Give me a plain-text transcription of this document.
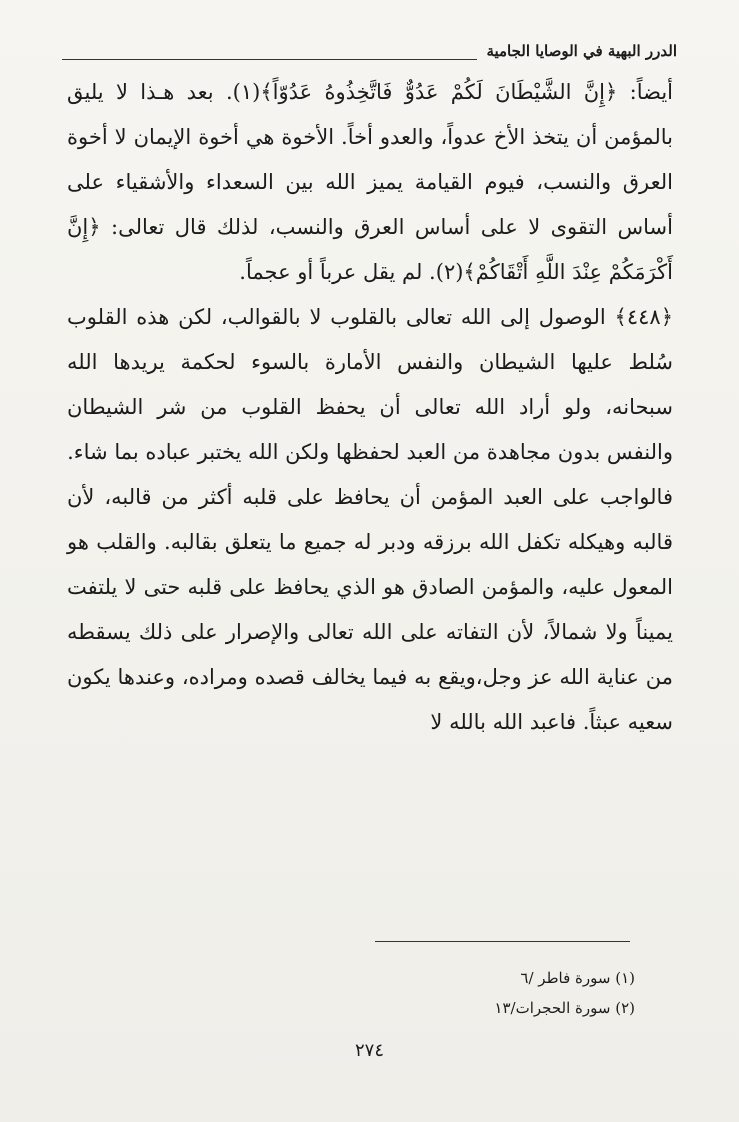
الدرر البهية في الوصايا الجامية

أيضاً: ﴿إِنَّ الشَّيْطَانَ لَكُمْ عَدُوٌّ فَاتَّخِذُوهُ عَدُوّاً﴾(١). بعد هـذا لا يليق بالمؤمن أن يتخذ الأخ عدواً، والعدو أخاً. الأخوة هي أخوة الإيمان لا أخوة العرق والنسب، فيوم القيامة يميز الله بين السعداء والأشقياء على أساس التقوى لا على أساس العرق والنسب، لذلك قال تعالى: ﴿إِنَّ أَكْرَمَكُمْ عِنْدَ اللَّهِ أَتْقَاكُمْ﴾(٢). لم يقل عرباً أو عجماً.

﴿٤٤٨﴾ الوصول إلى الله تعالى بالقلوب لا بالقوالب، لكن هذه القلوب سُلط عليها الشيطان والنفس الأمارة بالسوء لحكمة يريدها الله سبحانه، ولو أراد الله تعالى أن يحفظ القلوب من شر الشيطان والنفس بدون مجاهدة من العبد لحفظها ولكن الله يختبر عباده بما شاء.

فالواجب على العبد المؤمن أن يحافظ على قلبه أكثر من قالبه، لأن قالبه وهيكله تكفل الله برزقه ودبر له جميع ما يتعلق بقالبه. والقلب هو المعول عليه، والمؤمن الصادق هو الذي يحافظ على قلبه حتى لا يلتفت يميناً ولا شمالاً، لأن التفاته على الله تعالى والإصرار على ذلك يسقطه من عناية الله عز وجل،ويقع به فيما يخالف قصده ومراده، وعندها يكون سعيه عبثاً. فاعبد الله بالله لا

(١) سورة فاطر /٦
(٢) سورة الحجرات/١٣
٢٧٤
